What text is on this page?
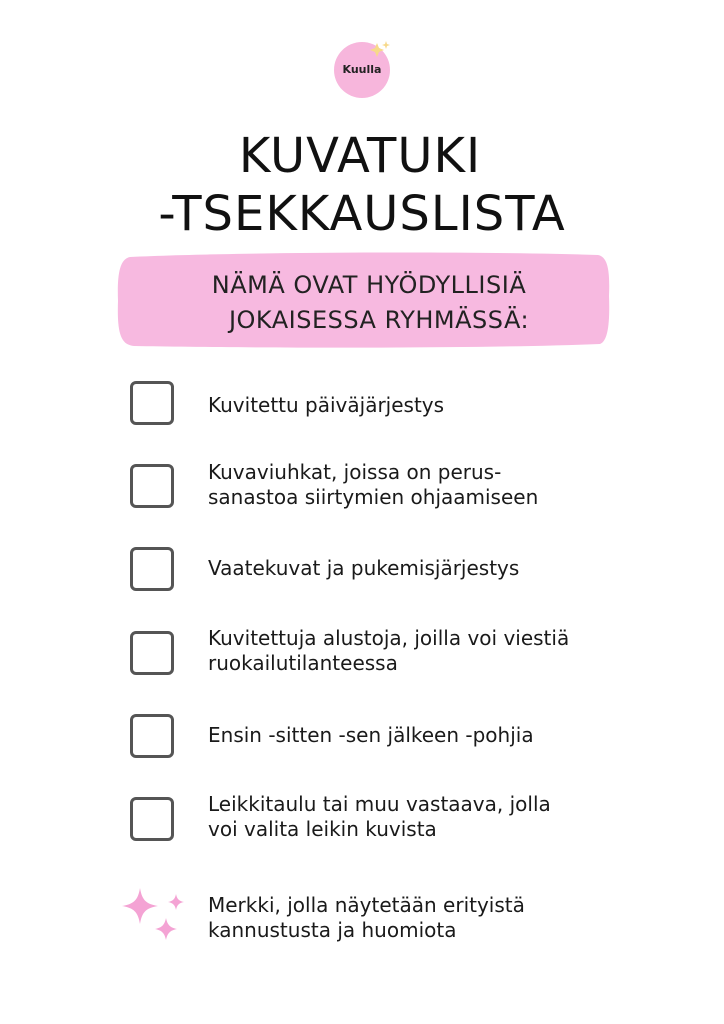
Kuulla
KUVATUKI
-TSEKKAUSLISTA
NÄMÄ OVAT HYÖDYLLISIÄ
JOKAISESSA RYHMÄSSÄ:
Kuvitettu päiväjärjestys
Kuvaviuhkat, joissa on perus-
sanastoa siirtymien ohjaamiseen
Vaatekuvat ja pukemisjärjestys
Kuvitettuja alustoja, joilla voi viestiä
ruokailutilanteessa
Ensin -sitten -sen jälkeen -pohjia
Leikkitaulu tai muu vastaava, jolla
voi valita leikin kuvista
Merkki, jolla näytetään erityistä
kannustusta ja huomiota
